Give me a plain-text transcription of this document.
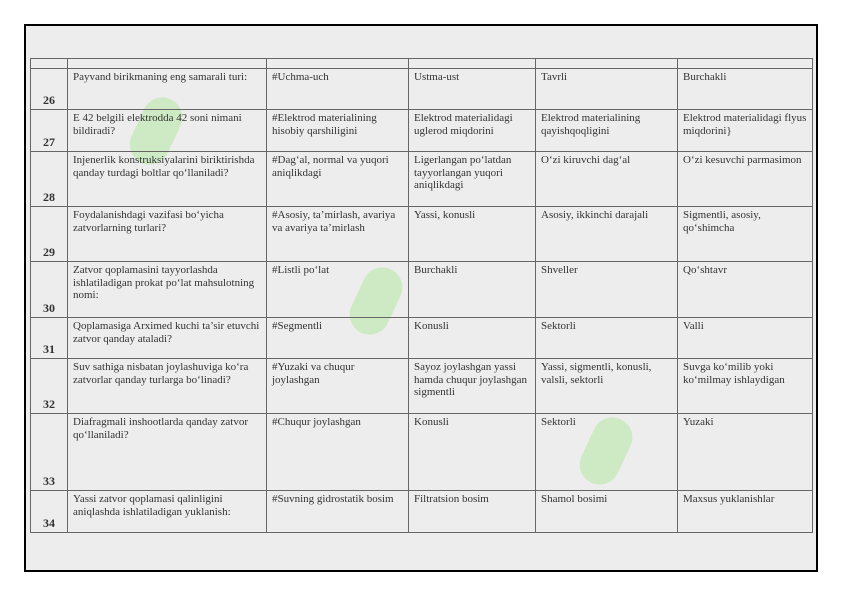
26	Payvand birikmaning eng samarali turi:	#Uchma-uch	Ustma-ust	Tavrli	Burchakli
27	E 42 belgili elektrodda 42 soni nimani bildiradi?	#Elektrod materialining hisobiy qarshiligini	Elektrod materialidagi uglerod miqdorini	Elektrod materialining qayishqoqligini	Elektrod materialidagi flyus miqdorini}
28	Injenerlik konstruksiyalarini biriktirishda qanday turdagi boltlar qo‘llaniladi?	#Dag‘al, normal va yuqori aniqlikdagi	Ligerlangan po‘latdan tayyorlangan yuqori aniqlikdagi	O‘zi kiruvchi dag‘al	O‘zi kesuvchi parmasimon
29	Foydalanishdagi vazifasi bo‘yicha zatvorlarning turlari?	#Asosiy, ta’mirlash, avariya va avariya ta’mirlash	Yassi, konusli	Asosiy, ikkinchi darajali	Sigmentli, asosiy, qo‘shimcha
30	Zatvor qoplamasini tayyorlashda ishlatiladigan prokat po‘lat mahsulotning nomi:	#Listli po‘lat	Burchakli	Shveller	Qo‘shtavr
31	Qoplamasiga Arximed kuchi ta’sir etuvchi zatvor qanday ataladi?	#Segmentli	Konusli	Sektorli	Valli
32	Suv sathiga nisbatan joylashuviga ko‘ra zatvorlar qanday turlarga bo‘linadi?	#Yuzaki va chuqur joylashgan	Sayoz joylashgan yassi hamda chuqur joylashgan sigmentli	Yassi, sigmentli, konusli, valsli, sektorli	Suvga ko‘milib yoki ko‘milmay ishlaydigan
33	Diafragmali inshootlarda qanday zatvor qo‘llaniladi?	#Chuqur joylashgan	Konusli	Sektorli	Yuzaki
34	Yassi zatvor qoplamasi qalinligini aniqlashda ishlatiladigan yuklanish:	#Suvning gidrostatik bosim	Filtratsion bosim	Shamol bosimi	Maxsus yuklanishlar
